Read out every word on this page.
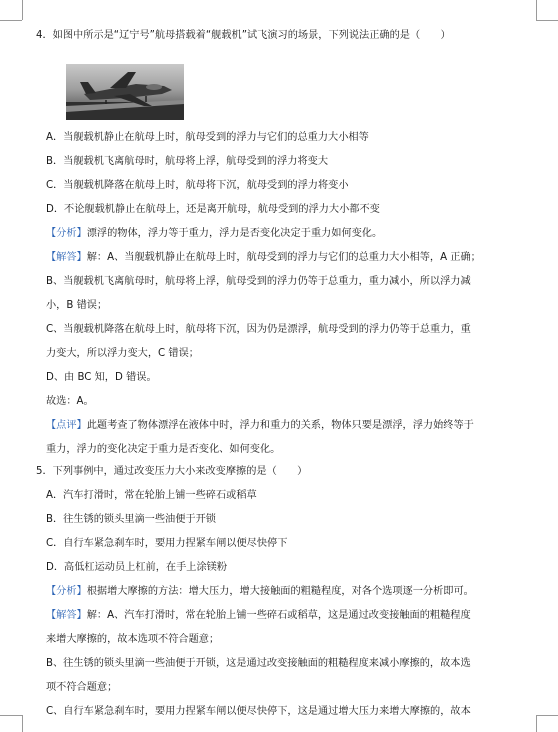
4．如图中所示是“辽宁号”航母搭载着“舰载机”试飞演习的场景，下列说法正确的是（　　）
A．当舰载机静止在航母上时，航母受到的浮力与它们的总重力大小相等
B．当舰载机飞离航母时，航母将上浮，航母受到的浮力将变大
C．当舰载机降落在航母上时，航母将下沉，航母受到的浮力将变小
D．不论舰载机静止在航母上，还是离开航母，航母受到的浮力大小都不变
【分析】漂浮的物体，浮力等于重力，浮力是否变化决定于重力如何变化。
【解答】解：A、当舰载机静止在航母上时，航母受到的浮力与它们的总重力大小相等，A 正确；
B、当舰载机飞离航母时，航母将上浮，航母受到的浮力仍等于总重力，重力减小，所以浮力减
小，B 错误；
C、当舰载机降落在航母上时，航母将下沉，因为仍是漂浮，航母受到的浮力仍等于总重力，重
力变大，所以浮力变大，C 错误；
D、由 BC 知，D 错误。
故选：A。
【点评】此题考查了物体漂浮在液体中时，浮力和重力的关系，物体只要是漂浮，浮力始终等于
重力，浮力的变化决定于重力是否变化、如何变化。
5．下列事例中，通过改变压力大小来改变摩擦的是（　　）
A．汽车打滑时，常在轮胎上铺一些碎石或稻草
B．往生锈的锁头里滴一些油便于开锁
C．自行车紧急刹车时，要用力捏紧车闸以便尽快停下
D．高低杠运动员上杠前，在手上涂镁粉
【分析】根据增大摩擦的方法：增大压力，增大接触面的粗糙程度，对各个选项逐一分析即可。
【解答】解：A、汽车打滑时，常在轮胎上铺一些碎石或稻草，这是通过改变接触面的粗糙程度
来增大摩擦的，故本选项不符合题意；
B、往生锈的锁头里滴一些油便于开锁，这是通过改变接触面的粗糙程度来减小摩擦的，故本选
项不符合题意；
C、自行车紧急刹车时，要用力捏紧车闸以便尽快停下，这是通过增大压力来增大摩擦的，故本
